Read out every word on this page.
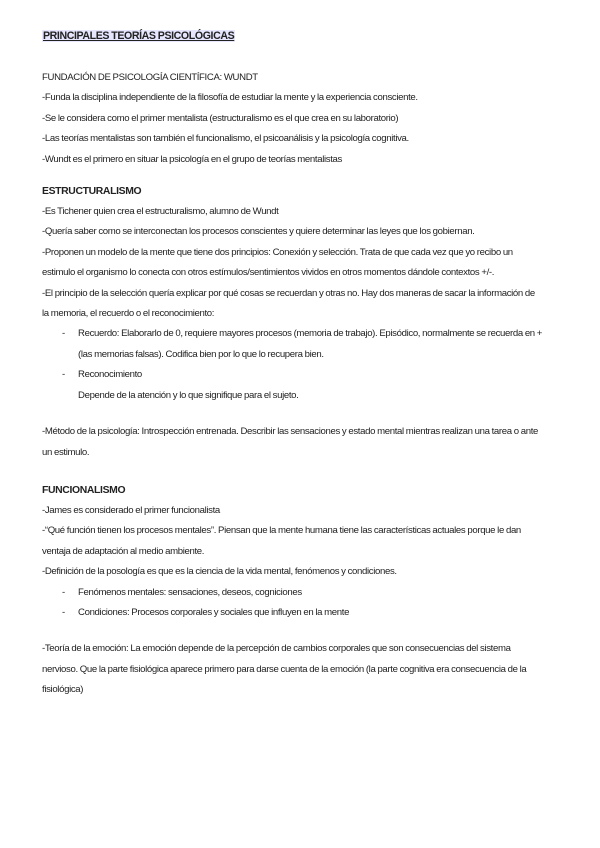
PRINCIPALES TEORÍAS PSICOLÓGICAS
FUNDACIÓN DE PSICOLOGÍA CIENTÍFICA: WUNDT
-Funda la disciplina independiente de la filosofía de estudiar la mente y la experiencia consciente.
-Se le considera como el primer mentalista (estructuralismo es el que crea en su laboratorio)
-Las teorías mentalistas son también el funcionalismo, el psicoanálisis y la psicología cognitiva.
-Wundt es el primero en situar la psicología en el grupo de teorías mentalistas
ESTRUCTURALISMO
-Es Tichener quien crea el estructuralismo, alumno de Wundt
-Quería saber como se interconectan los procesos conscientes y quiere determinar las leyes que los gobiernan.
-Proponen un modelo de la mente que tiene dos principios: Conexión y selección. Trata de que cada vez que yo recibo un
estimulo el organismo lo conecta con otros estímulos/sentimientos vividos en otros momentos dándole contextos +/-.
-El principio de la selección quería explicar por qué cosas se recuerdan y otras no. Hay dos maneras de sacar la información de
la memoria, el recuerdo o el reconocimiento:
- Recuerdo: Elaborarlo de 0, requiere mayores procesos (memoria de trabajo). Episódico, normalmente se recuerda en +
(las memorias falsas). Codifica bien por lo que lo recupera bien.
- Reconocimiento
Depende de la atención y lo que signifique para el sujeto.
-Método de la psicología: Introspección entrenada. Describir las sensaciones y estado mental mientras realizan una tarea o ante
un estimulo.
FUNCIONALISMO
-James es considerado el primer funcionalista
-“Qué función tienen los procesos mentales”. Piensan que la mente humana tiene las características actuales porque le dan
ventaja de adaptación al medio ambiente.
-Definición de la posología es que es la ciencia de la vida mental, fenómenos y condiciones.
- Fenómenos mentales: sensaciones, deseos, cogniciones
- Condiciones: Procesos corporales y sociales que influyen en la mente
-Teoría de la emoción: La emoción depende de la percepción de cambios corporales que son consecuencias del sistema
nervioso. Que la parte fisiológica aparece primero para darse cuenta de la emoción (la parte cognitiva era consecuencia de la
fisiológica)
